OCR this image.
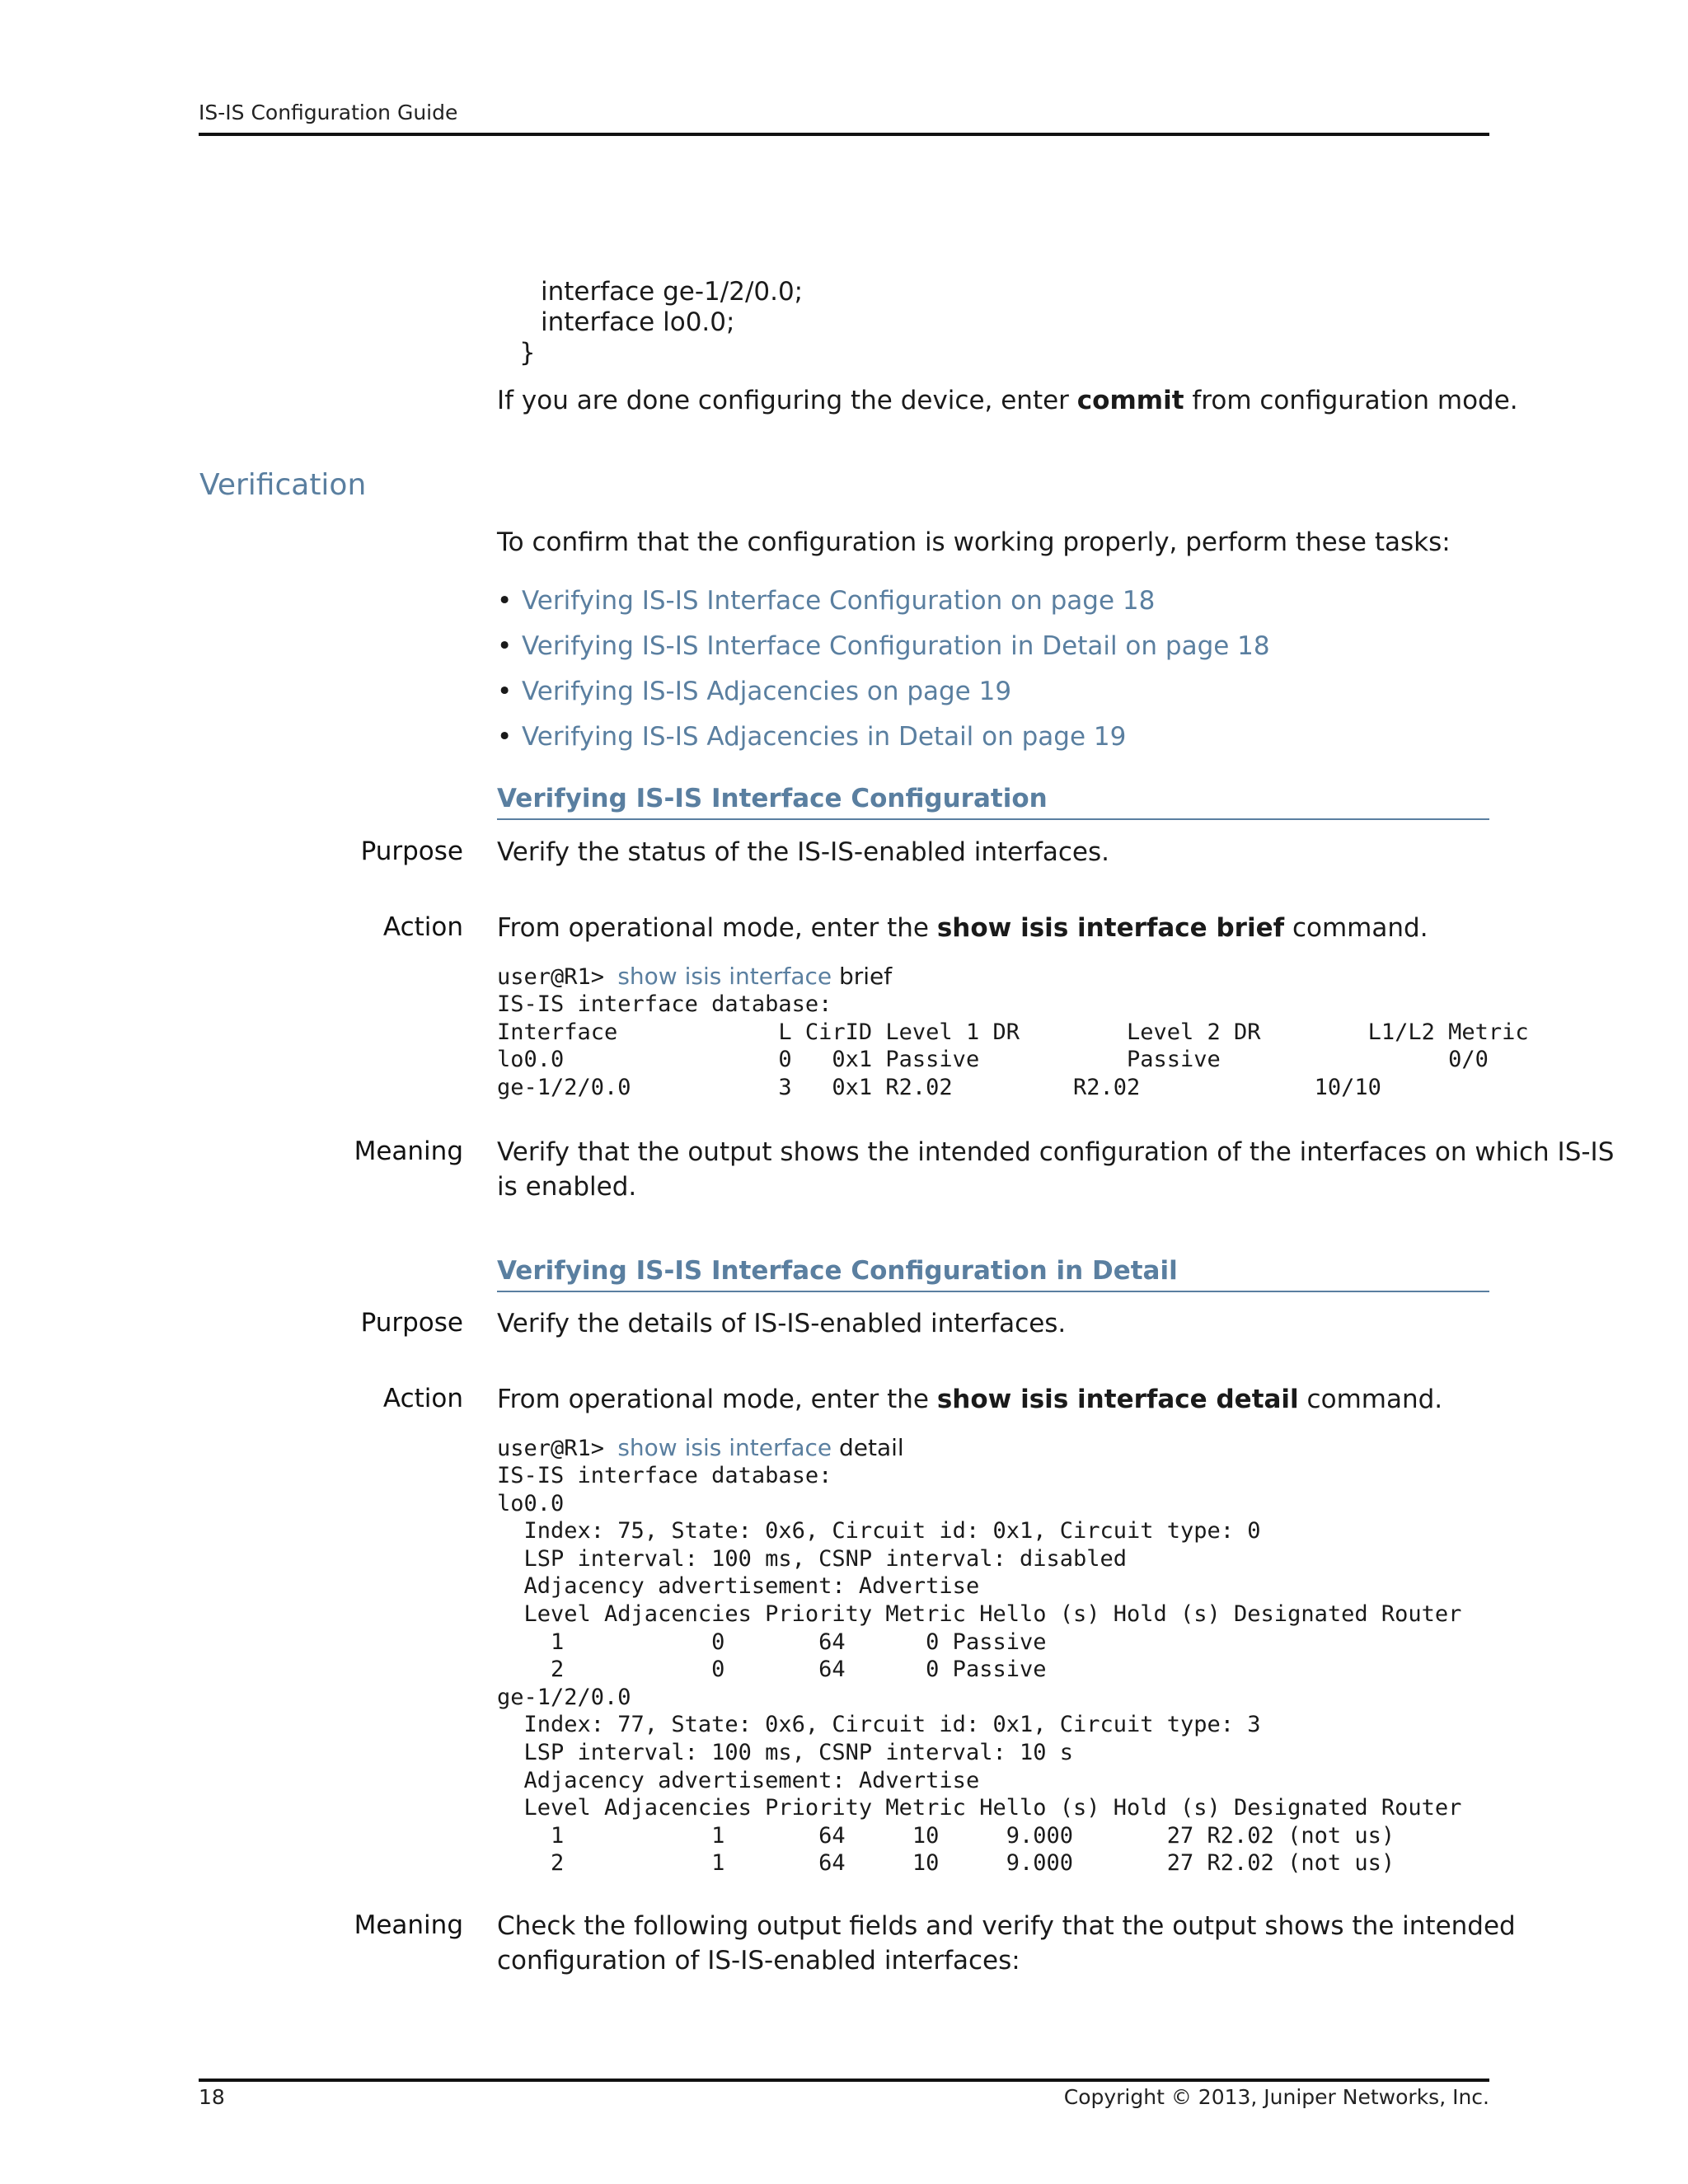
IS-IS Configuration Guide
interface ge-1/2/0.0;
interface lo0.0;
}
If you are done configuring the device, enter commit from configuration mode.
Verification
To confirm that the configuration is working properly, perform these tasks:
• Verifying IS-IS Interface Configuration on page 18
• Verifying IS-IS Interface Configuration in Detail on page 18
• Verifying IS-IS Adjacencies on page 19
• Verifying IS-IS Adjacencies in Detail on page 19
Verifying IS-IS Interface Configuration
Purpose Verify the status of the IS-IS-enabled interfaces.
Action From operational mode, enter the show isis interface brief command.
user@R1> show isis interface brief
IS-IS interface database:
Interface            L CirID Level 1 DR        Level 2 DR        L1/L2 Metric
lo0.0                0   0x1 Passive           Passive                 0/0
ge-1/2/0.0           3   0x1 R2.02         R2.02             10/10
Meaning Verify that the output shows the intended configuration of the interfaces on which IS-IS
is enabled.
Verifying IS-IS Interface Configuration in Detail
Purpose Verify the details of IS-IS-enabled interfaces.
Action From operational mode, enter the show isis interface detail command.
user@R1> show isis interface detail
IS-IS interface database:
lo0.0
Index: 75, State: 0x6, Circuit id: 0x1, Circuit type: 0
LSP interval: 100 ms, CSNP interval: disabled
Adjacency advertisement: Advertise
Level Adjacencies Priority Metric Hello (s) Hold (s) Designated Router
1           0       64      0 Passive
2           0       64      0 Passive
ge-1/2/0.0
Index: 77, State: 0x6, Circuit id: 0x1, Circuit type: 3
LSP interval: 100 ms, CSNP interval: 10 s
Adjacency advertisement: Advertise
Level Adjacencies Priority Metric Hello (s) Hold (s) Designated Router
1           1       64     10     9.000       27 R2.02 (not us)
2           1       64     10     9.000       27 R2.02 (not us)
Meaning Check the following output fields and verify that the output shows the intended
configuration of IS-IS-enabled interfaces:
18	Copyright © 2013, Juniper Networks, Inc.
